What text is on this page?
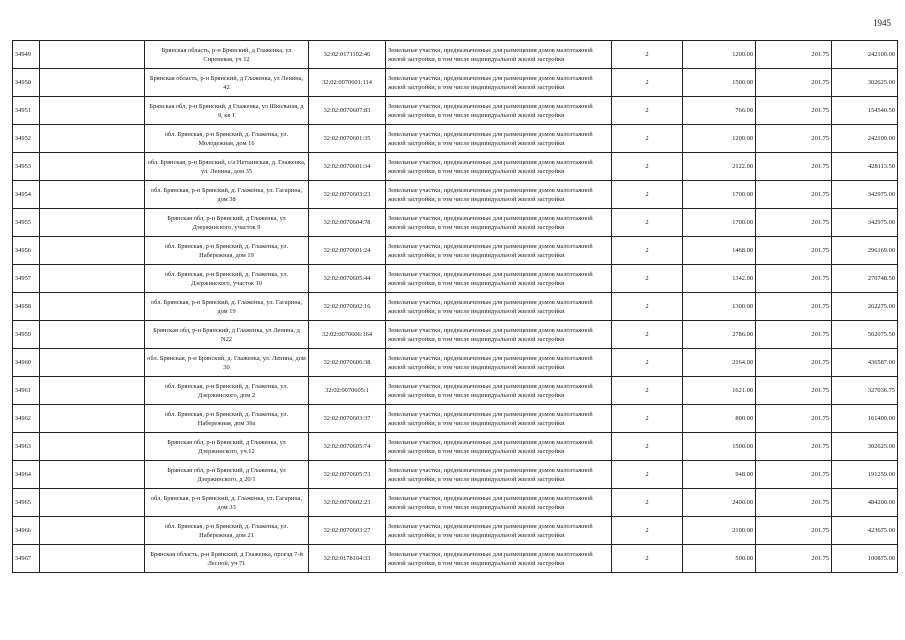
1945
34949		Брянская область, р-н Брянский, д Глаженка, ул Сиреневая, уч 12	32:02:0171102:46	Земельные участки, предназначенные для размещения домов малоэтажной жилой застройки, в том числе индивидуальной жилой застройки	2	1200.00	201.75	242100.00
34950		Брянская область, р-н Брянский, д Глаженка, ул Ленина, 42	32:02:0070601:114	Земельные участки, предназначенные для размещения домов малоэтажной жилой застройки, в том числе индивидуальной жилой застройки	2	1500.00	201.75	302625.00
34951		Брянская обл, р-н Брянский, д Глаженка, ул Школьная, д 9, кв 1	32:02:0070607:83	Земельные участки, предназначенные для размещения домов малоэтажной жилой застройки, в том числе индивидуальной жилой застройки	2	766.00	201.75	154540.50
34952		обл. Брянская, р-н Брянский, д. Глаженка, ул. Молодежная, дом 16	32:02:0070601:35	Земельные участки, предназначенные для размещения домов малоэтажной жилой застройки, в том числе индивидуальной жилой застройки	2	1200.00	201.75	242100.00
34953		обл. Брянская, р-н Брянский, с/а Нетьинская, д. Глаженка, ул. Ленина, дом 35	32:02:0070601:34	Земельные участки, предназначенные для размещения домов малоэтажной жилой застройки, в том числе индивидуальной жилой застройки	2	2122.00	201.75	428113.50
34954		обл. Брянская, р-н Брянский, д. Глаженка, ул. Гагарина, дом 38	32:02:0070603:23	Земельные участки, предназначенные для размещения домов малоэтажной жилой застройки, в том числе индивидуальной жилой застройки	2	1700.00	201.75	342975.00
34955		Брянская обл, р-н Брянский, д Глаженка, ул Дзержинского, участок 9	32:02:0070604:78	Земельные участки, предназначенные для размещения домов малоэтажной жилой застройки, в том числе индивидуальной жилой застройки	2	1700.00	201.75	342975.00
34956		обл. Брянская, р-н Брянский, д. Глаженка, ул. Набережная, дом 19	32:02:0070601:24	Земельные участки, предназначенные для размещения домов малоэтажной жилой застройки, в том числе индивидуальной жилой застройки	2	1468.00	201.75	296169.00
34957		обл. Брянская, р-н Брянский, д. Глаженка, ул. Дзержинского, участок 10	32:02:0070605:44	Земельные участки, предназначенные для размещения домов малоэтажной жилой застройки, в том числе индивидуальной жилой застройки	2	1342.00	201.75	270748.50
34958		обл. Брянская, р-н Брянский, д. Глаженка, ул. Гагарина, дом 19	32:02:0070602:16	Земельные участки, предназначенные для размещения домов малоэтажной жилой застройки, в том числе индивидуальной жилой застройки	2	1300.00	201.75	262275.00
34959		Брянская обл, р-н Брянский, д Глаженка, ул Ленина, д N22	32:02:0070606:164	Земельные участки, предназначенные для размещения домов малоэтажной жилой застройки, в том числе индивидуальной жилой застройки	2	2786.00	201.75	562075.50
34960		обл. Брянская, р-н Брянский, д. Глаженка, ул. Ленина, дом 30	32:02:0070606:38	Земельные участки, предназначенные для размещения домов малоэтажной жилой застройки, в том числе индивидуальной жилой застройки	2	2164.00	201.75	436587.00
34961		обл. Брянская, р-н Брянский, д. Глаженка, ул. Дзержинского, дом 2	32:02:0070605:1	Земельные участки, предназначенные для размещения домов малоэтажной жилой застройки, в том числе индивидуальной жилой застройки	2	1621.00	201.75	327036.75
34962		обл. Брянская, р-н Брянский, д. Глаженка, ул. Набережная, дом 39а	32:02:0070603:37	Земельные участки, предназначенные для размещения домов малоэтажной жилой застройки, в том числе индивидуальной жилой застройки	2	800.00	201.75	161400.00
34963		Брянская обл, р-н Брянский, д Глаженка, ул Дзержинского, уч.12	32:02:0070605:74	Земельные участки, предназначенные для размещения домов малоэтажной жилой застройки, в том числе индивидуальной жилой застройки	2	1500.00	201.75	302625.00
34964		Брянская обл, р-н Брянский, д Глаженка, ул Дзержинского, д 20/1	32:02:0070605:73	Земельные участки, предназначенные для размещения домов малоэтажной жилой застройки, в том числе индивидуальной жилой застройки	2	948.00	201.75	191259.00
34965		обл. Брянская, р-н Брянский, д. Глаженка, ул. Гагарина, дом 33	32:02:0070602:23	Земельные участки, предназначенные для размещения домов малоэтажной жилой застройки, в том числе индивидуальной жилой застройки	2	2400.00	201.75	484200.00
34966		обл. Брянская, р-н Брянский, д. Глаженка, ул. Набережная, дом 21	32:02:0070603:27	Земельные участки, предназначенные для размещения домов малоэтажной жилой застройки, в том числе индивидуальной жилой застройки	2	2100.00	201.75	423675.00
34967		Брянская область, р-н Брянский, д Глаженка, проезд 7-й Лесной, уч 71	32:02:0178104:33	Земельные участки, предназначенные для размещения домов малоэтажной жилой застройки, в том числе индивидуальной жилой застройки	2	500.00	201.75	100875.00
